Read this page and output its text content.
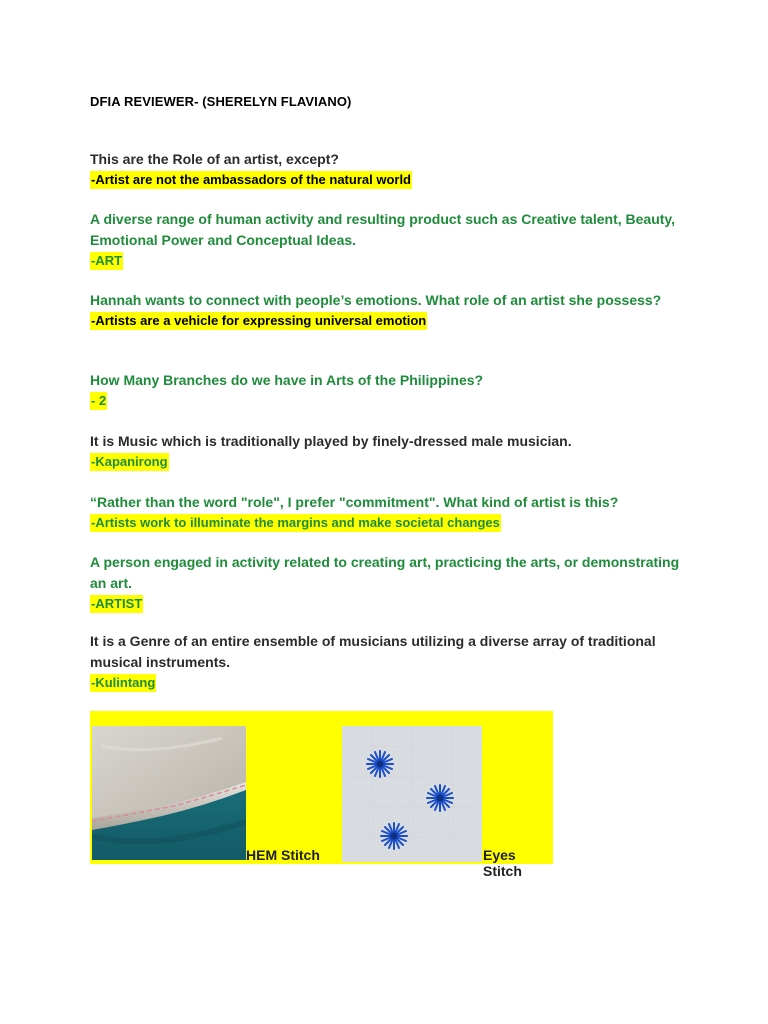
DFIA REVIEWER- (SHERELYN FLAVIANO)

This are the Role of an artist, except?

-Artist are not the ambassadors of the natural world

A diverse range of human activity and resulting product such as Creative talent, Beauty, Emotional Power and Conceptual Ideas.

-ART

Hannah wants to connect with people’s emotions. What role of an artist she possess?

-Artists are a vehicle for expressing universal emotion

How Many Branches do we have in Arts of the Philippines?

- 2

It is Music which is traditionally played by finely-dressed male musician.

-Kapanirong

“Rather than the word "role", I prefer "commitment". What kind of artist is this?

-Artists work to illuminate the margins and make societal changes

A person engaged in activity related to creating art, practicing the arts, or demonstrating an art.

-ARTIST

It is a Genre of an entire ensemble of musicians utilizing a diverse array of traditional musical instruments.

-Kulintang
HEM Stitch	Eyes Stitch
